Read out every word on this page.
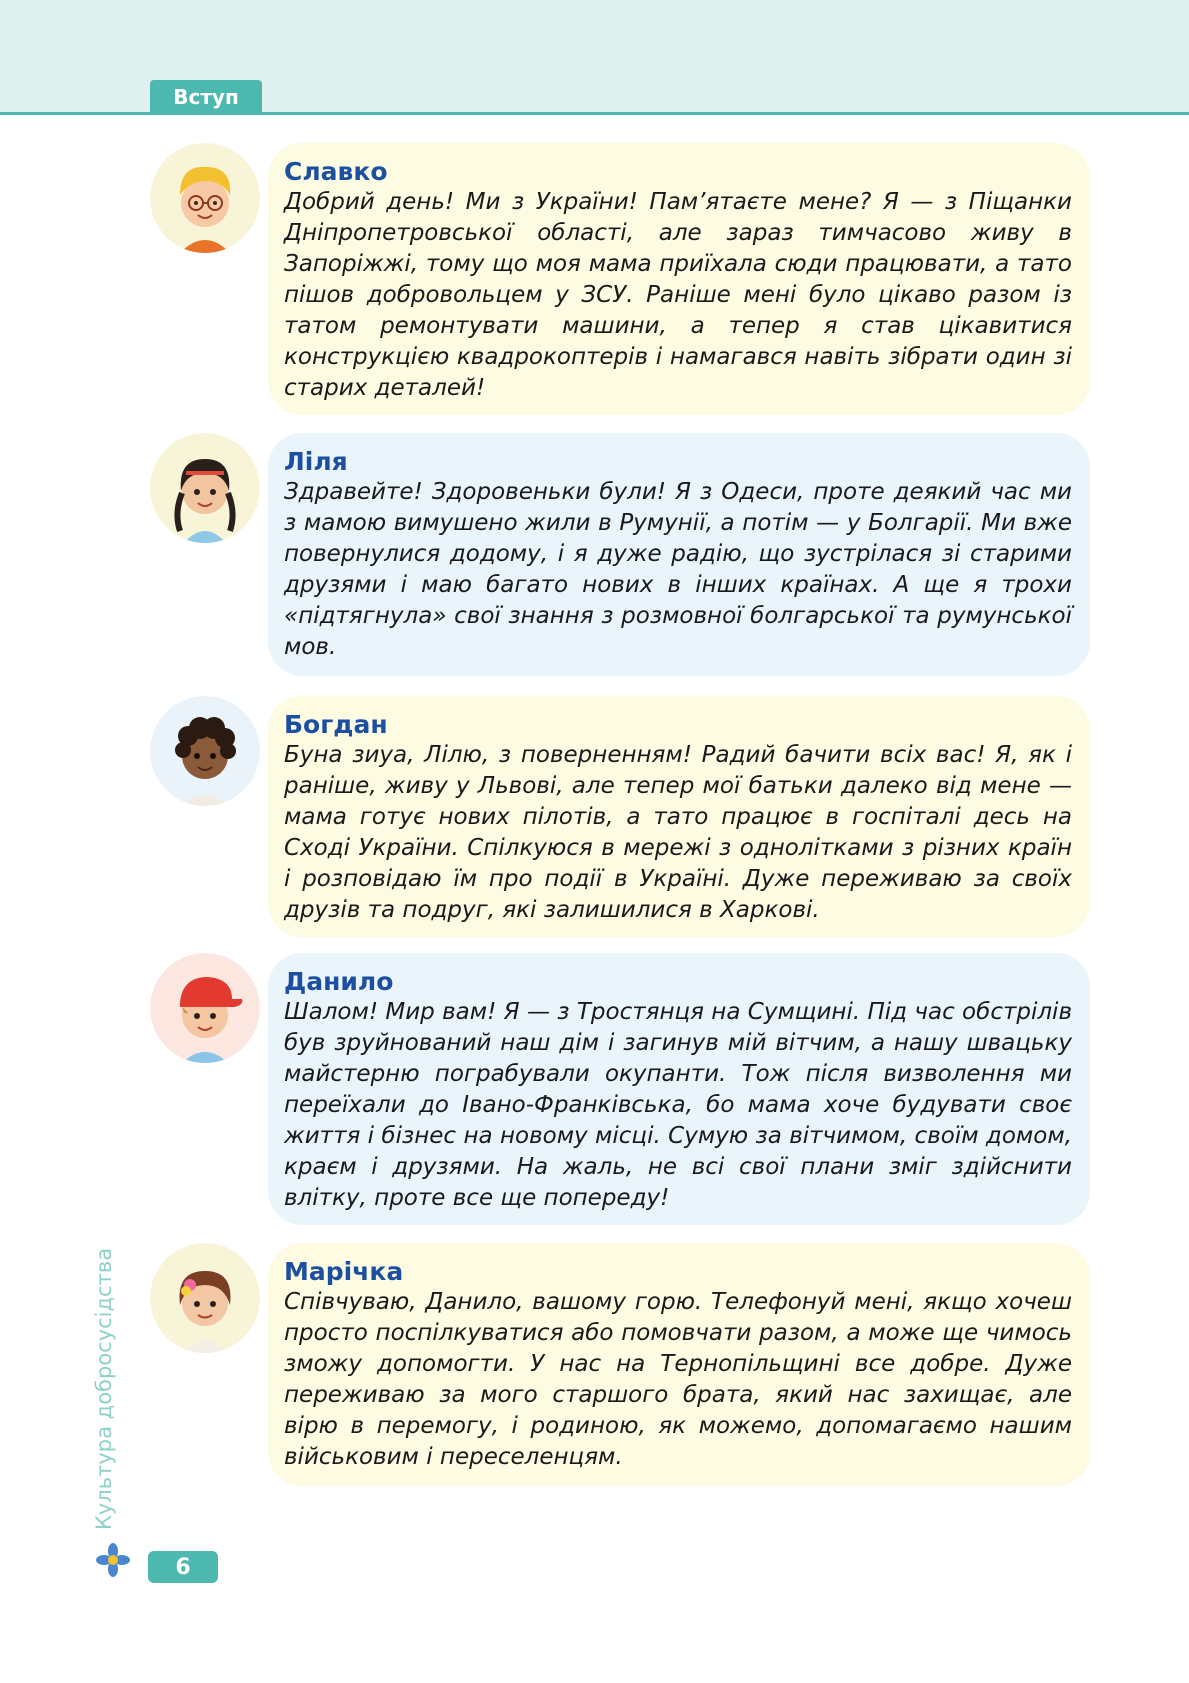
Вступ
Славко
Добрий день! Ми з України! Пам’ятаєте мене? Я — з Піщанки Дніпропетровської області, але зараз тимчасово живу в Запоріжжі, тому що моя мама приїхала сюди працювати, а тато пішов добровольцем у ЗСУ. Раніше мені було цікаво разом із татом ремонтувати машини, а тепер я став цікавитися конструкцією квадрокоптерів і намагався навіть зібрати один зі старих деталей!
Ліля
Здравейте! Здоровеньки були! Я з Одеси, проте деякий час ми з мамою вимушено жили в Румунії, а потім — у Болгарії. Ми вже повернулися додому, і я дуже радію, що зустрілася зі старими друзями і маю багато нових в інших країнах. А ще я трохи «підтягнула» свої знання з розмовної болгарської та румунської мов.
Богдан
Буна зиуа, Лілю, з поверненням! Радий бачити всіх вас! Я, як і раніше, живу у Львові, але тепер мої батьки далеко від мене — мама готує нових пілотів, а тато працює в госпіталі десь на Сході України. Спілкуюся в мережі з однолітками з різних країн і розповідаю їм про події в Україні. Дуже переживаю за своїх друзів та подруг, які залишилися в Харкові.
Данило
Шалом! Мир вам! Я — з Тростянця на Сумщині. Під час обстрілів був зруйнований наш дім і загинув мій вітчим, а нашу швацьку майстерню пограбували окупанти. Тож після визволення ми переїхали до Івано-Франківська, бо мама хоче будувати своє життя і бізнес на новому місці. Сумую за вітчимом, своїм домом, краєм і друзями. На жаль, не всі свої плани зміг здійснити влітку, проте все ще попереду!
Марічка
Співчуваю, Данило, вашому горю. Телефонуй мені, якщо хочеш просто поспілкуватися або помовчати разом, а може ще чимось зможу допомогти. У нас на Тернопільщині все добре. Дуже переживаю за мого старшого брата, який нас захищає, але вірю в перемогу, і родиною, як можемо, допомагаємо нашим військовим і переселенцям.
Культура добросусідства
6
